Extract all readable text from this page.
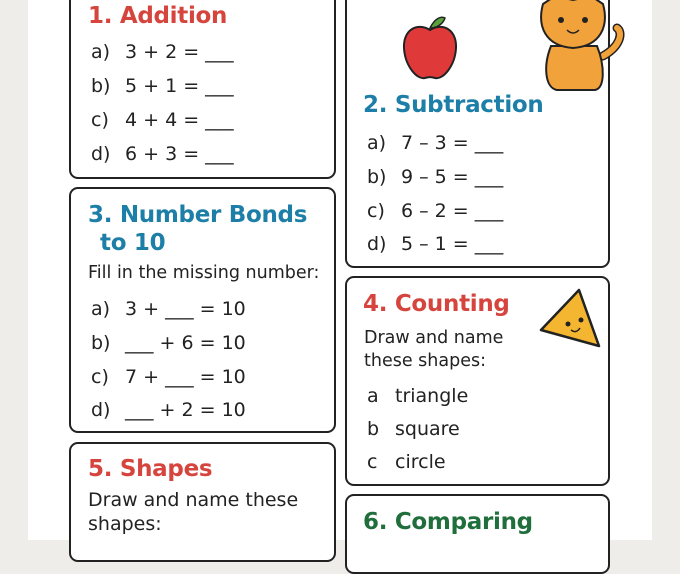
1. Addition
a) 3 + 2 = ___
b) 5 + 1 = ___
c) 4 + 4 = ___
d) 6 + 3 = ___
3. Number Bonds
to 10
Fill in the missing number:
a) 3 + ___ = 10
b) ___ + 6 = 10
c) 7 + ___ = 10
d) ___ + 2 = 10
5. Shapes
Draw and name these
shapes:
2. Subtraction
a) 7 – 3 = ___
b) 9 – 5 = ___
c) 6 – 2 = ___
d) 5 – 1 = ___
4. Counting
Draw and name
these shapes:
a triangle
b square
c circle
6. Comparing
